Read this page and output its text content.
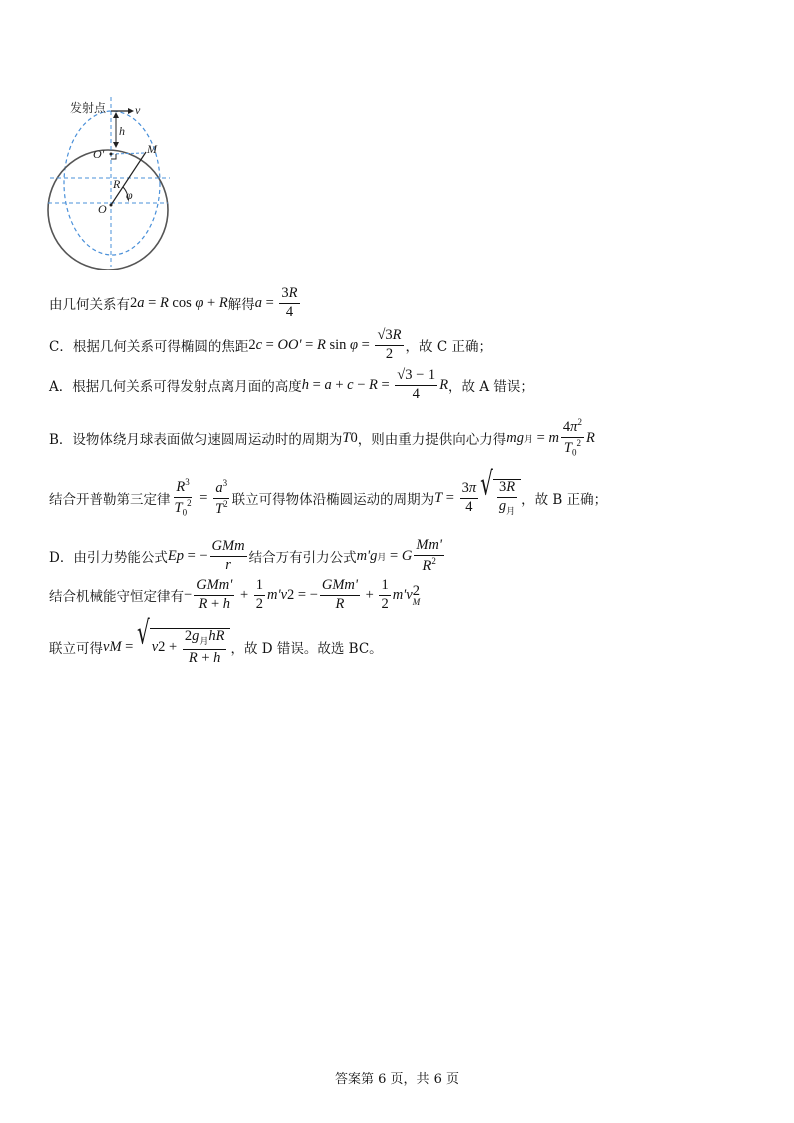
发射点 v
h
O'	M
R
φ
O
由几何关系有 2 a = R cos φ + R 解得 $a = \frac{3R}{4}$
C．根据几何关系可得椭圆的焦距 2 c = OO' = R $\sin \varphi = \frac{√3R}{2}$ ，故 C 正确；
A．根据几何关系可得发射点离月面的高度 $h = a + c - R = \frac{√3 - 1}{4}$ R ，故 A 错误；
B．设物体绕月球表面做匀速圆周运动时的周期为 T 0 ，则由重力提供向心力得 mg 月 = m $\frac{4\pi^2}{T_0^2}$ R
结合开普勒第三定律 $\frac{R^3}{T_0^2} = \frac{a^3}{T^2}$ 联立可得物体沿椭圆运动的周期为 $T = \frac{3\pi}{4}$ √ $\frac{3R}{g_月}$ ，故 B 正确；
D．由引力势能公式 E p = − $\frac{\text{GMm}}{r}$ 结合万有引力公式 m'g 月 = G $\frac{Mm'}{R^2}$
结合机械能守恒定律有 − $\frac{\text{GMm'}}{R + h} + \frac{1}{2} m'v$ 2 = − $\frac{\text{GMm'}}{R} + \frac{1}{2} m'v$ 2
M
联立可得 v M = √ v $2 + \frac{2g_月hR}{R + h}$ ，故 D 错误。故选 BC。
答案第 6 页，共 6 页
